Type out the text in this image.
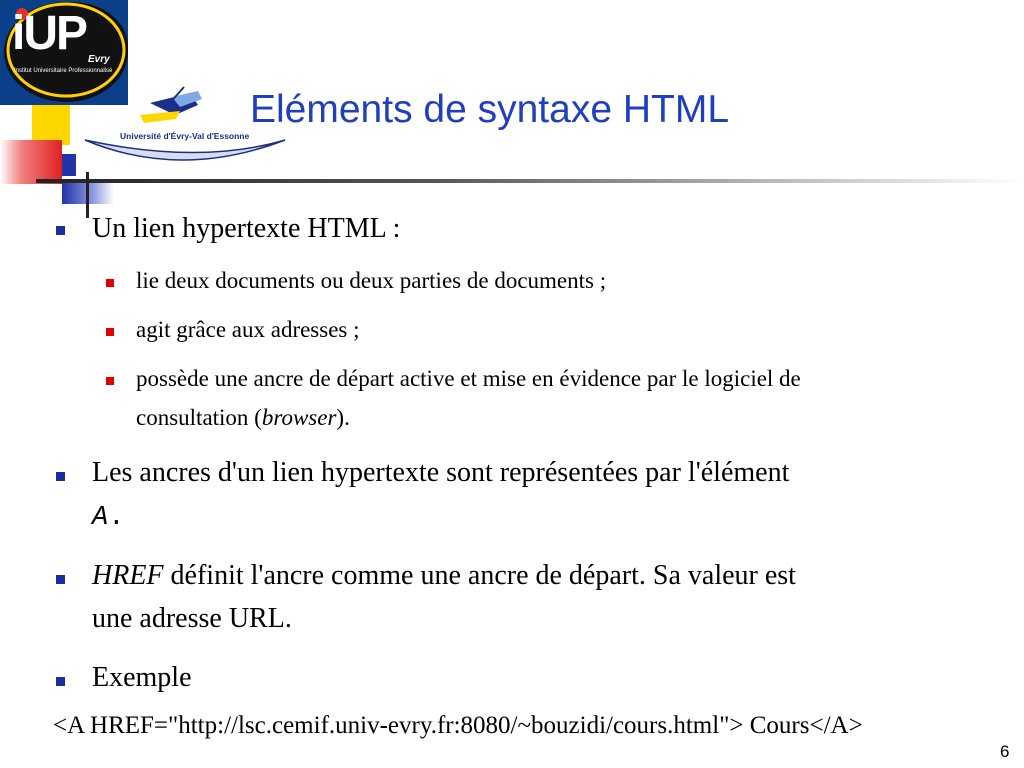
iUP Evry
Institut Universitaire Professionnalisé
Université d'Évry-Val d'Essonne
Eléments de syntaxe HTML
Un lien hypertexte HTML :
lie deux documents ou deux parties de documents ;
agit grâce aux adresses ;
possède une ancre de départ active et mise en évidence par le logiciel de
consultation (browser).
Les ancres d'un lien hypertexte sont représentées par l'élément
A.
HREF définit l'ancre comme une ancre de départ. Sa valeur est
une adresse URL.
Exemple
<A HREF="http://lsc.cemif.univ-evry.fr:8080/~bouzidi/cours.html"> Cours</A>
6
